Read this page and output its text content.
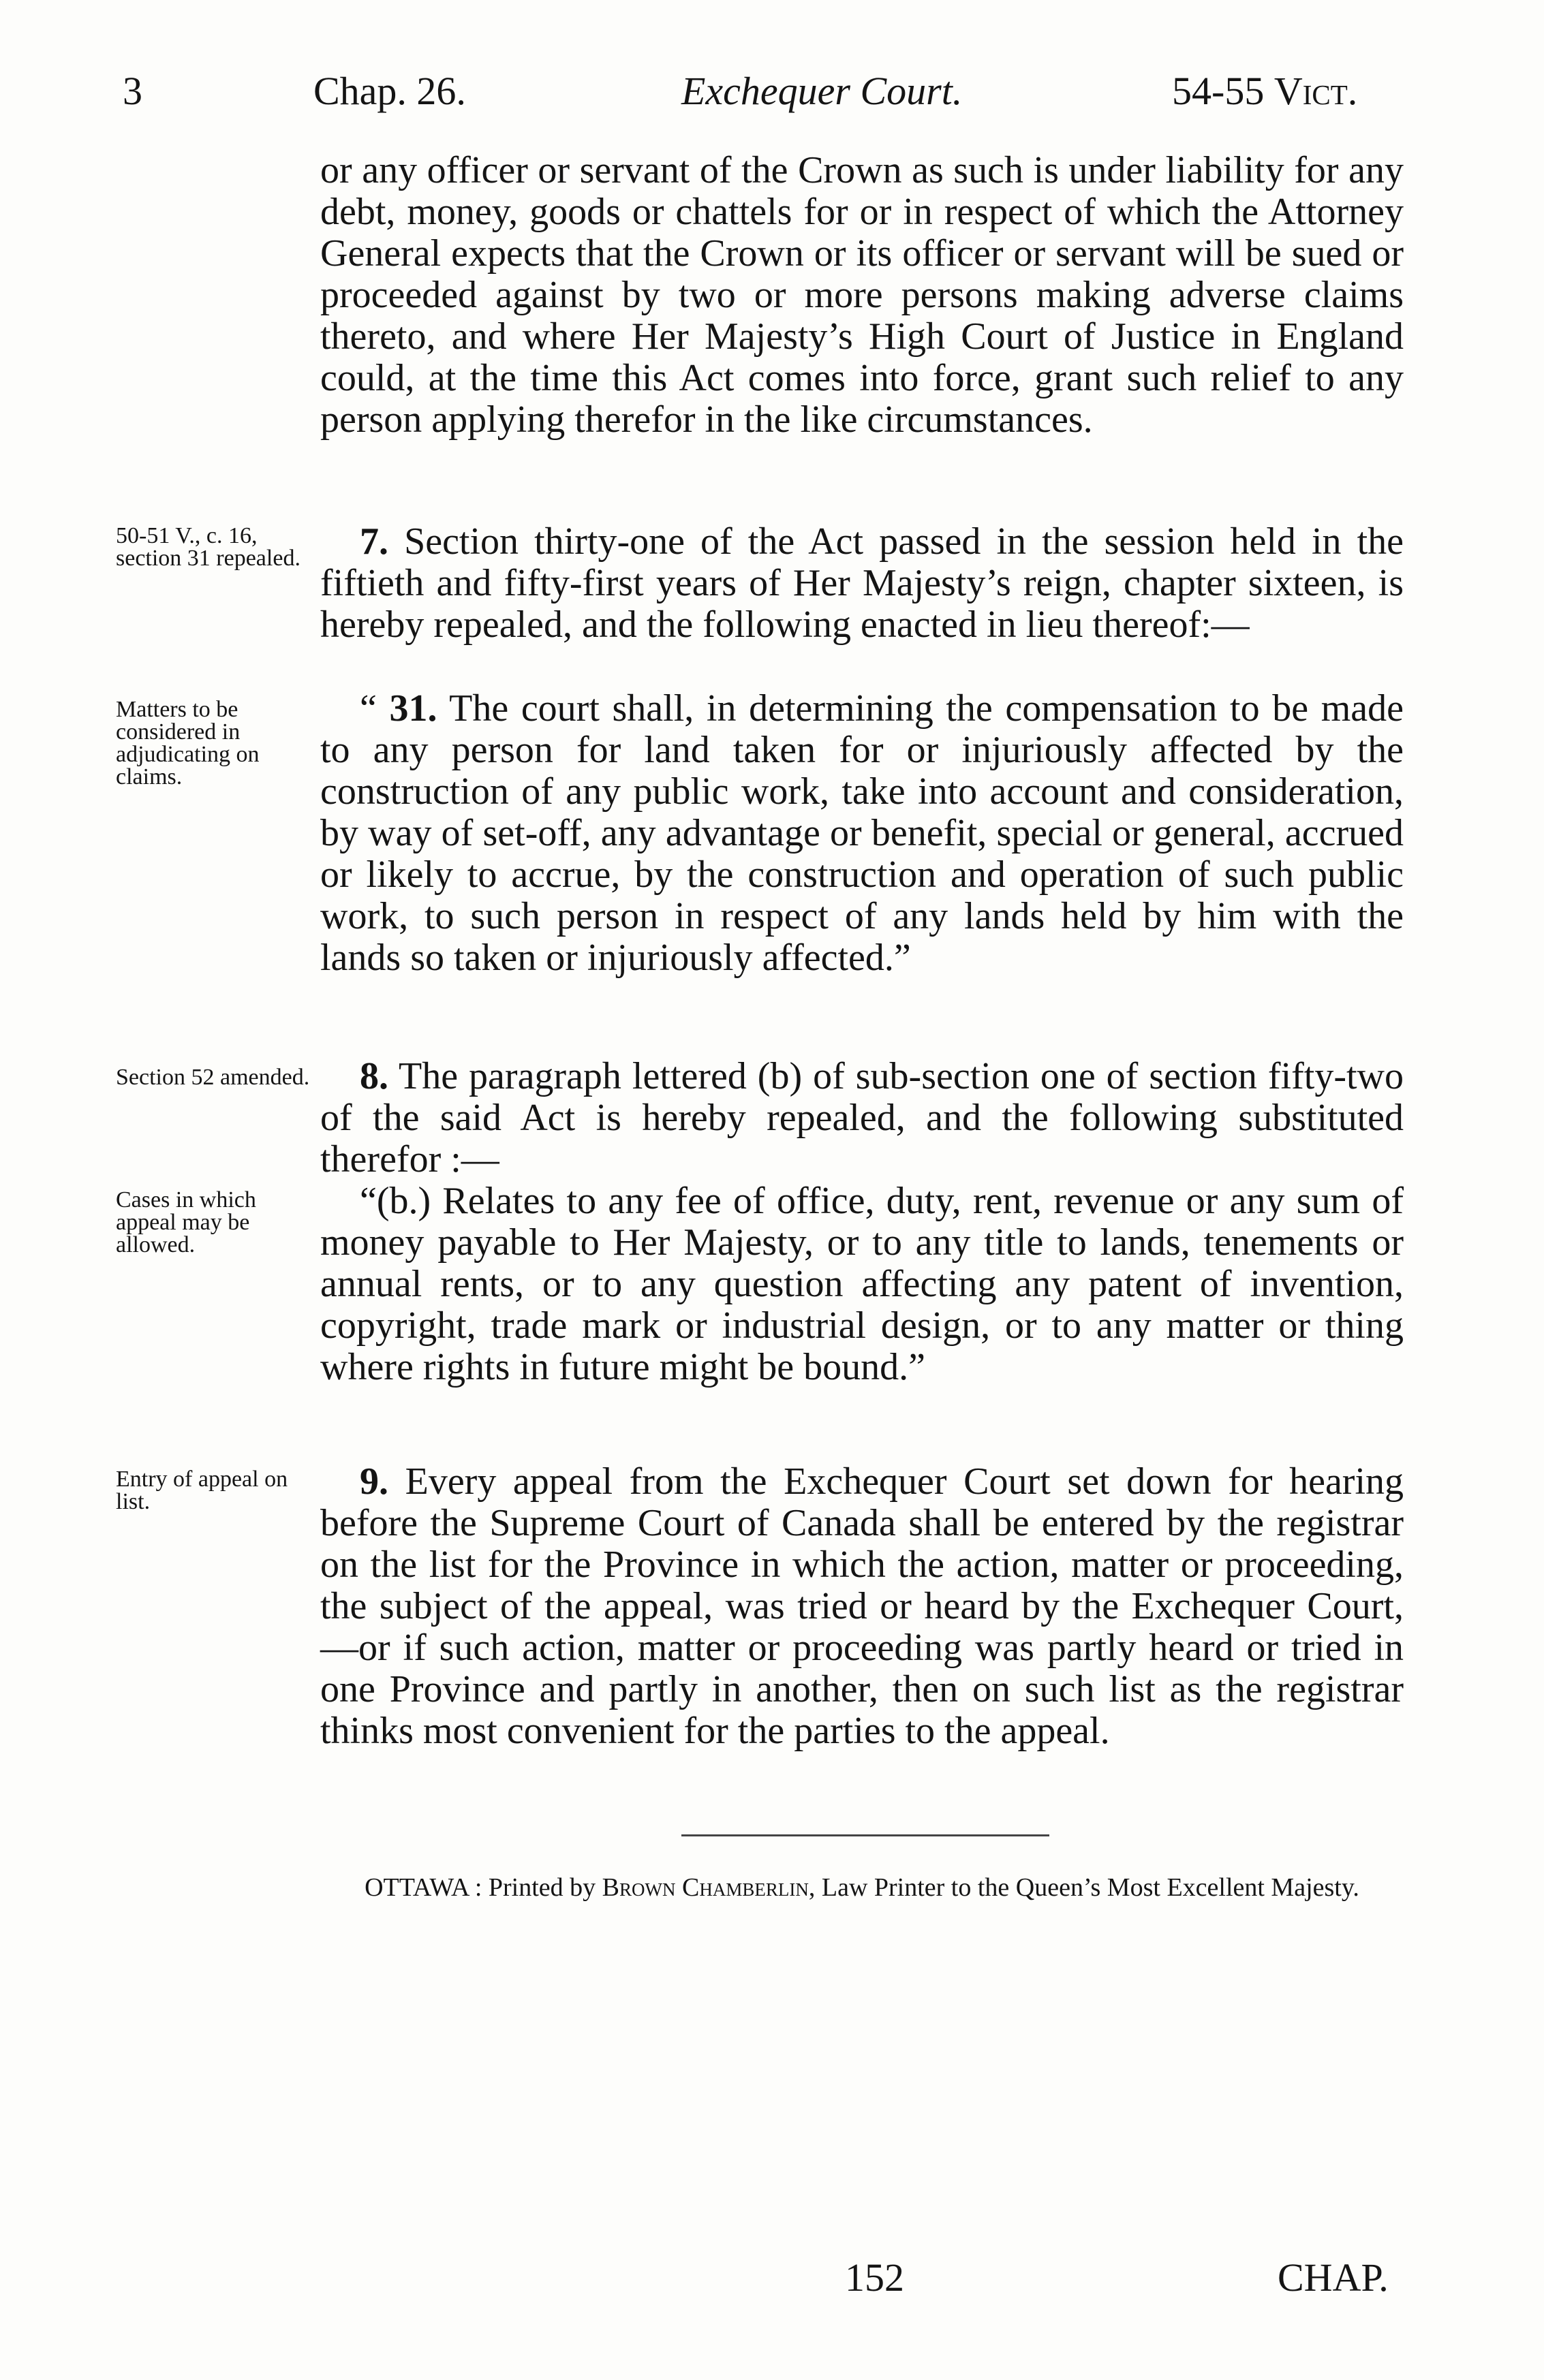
3	Chap. 26.	Exchequer Court.	54-55 Vict.

or any officer or servant of the Crown as such is under liability for any debt, money, goods or chattels for or in respect of which the Attorney General expects that the Crown or its officer or servant will be sued or proceeded against by two or more persons making adverse claims thereto, and where Her Majesty’s High Court of Justice in England could, at the time this Act comes into force, grant such relief to any person applying therefor in the like circumstances.

50-51 V., c. 16, section 31 repealed.	7. Section thirty-one of the Act passed in the session held in the fiftieth and fifty-first years of Her Majesty’s reign, chapter sixteen, is hereby repealed, and the following enacted in lieu thereof:—

Matters to be considered in adjudicating on claims.

“ 31. The court shall, in determining the compensation to be made to any person for land taken for or injuriously affected by the construction of any public work, take into account and consideration, by way of set-off, any advantage or benefit, special or general, accrued or likely to accrue, by the construction and operation of such public work, to such person in respect of any lands held by him with the lands so taken or injuriously affected.”

Section 52 amended.	8. The paragraph lettered (b) of sub-section one of section fifty-two of the said Act is hereby repealed, and the following substituted therefor :—

Cases in which appeal may be allowed.

“(b.) Relates to any fee of office, duty, rent, revenue or any sum of money payable to Her Majesty, or to any title to lands, tenements or annual rents, or to any question affecting any patent of invention, copyright, trade mark or industrial design, or to any matter or thing where rights in future might be bound.”

Entry of appeal on list.	9. Every appeal from the Exchequer Court set down for hearing before the Supreme Court of Canada shall be entered by the registrar on the list for the Province in which the action, matter or proceeding, the subject of the appeal, was tried or heard by the Exchequer Court,—or if such action, matter or proceeding was partly heard or tried in one Province and partly in another, then on such list as the registrar thinks most convenient for the parties to the appeal.

OTTAWA : Printed by Brown Chamberlin, Law Printer to the Queen’s Most Excellent Majesty.
152	CHAP.
